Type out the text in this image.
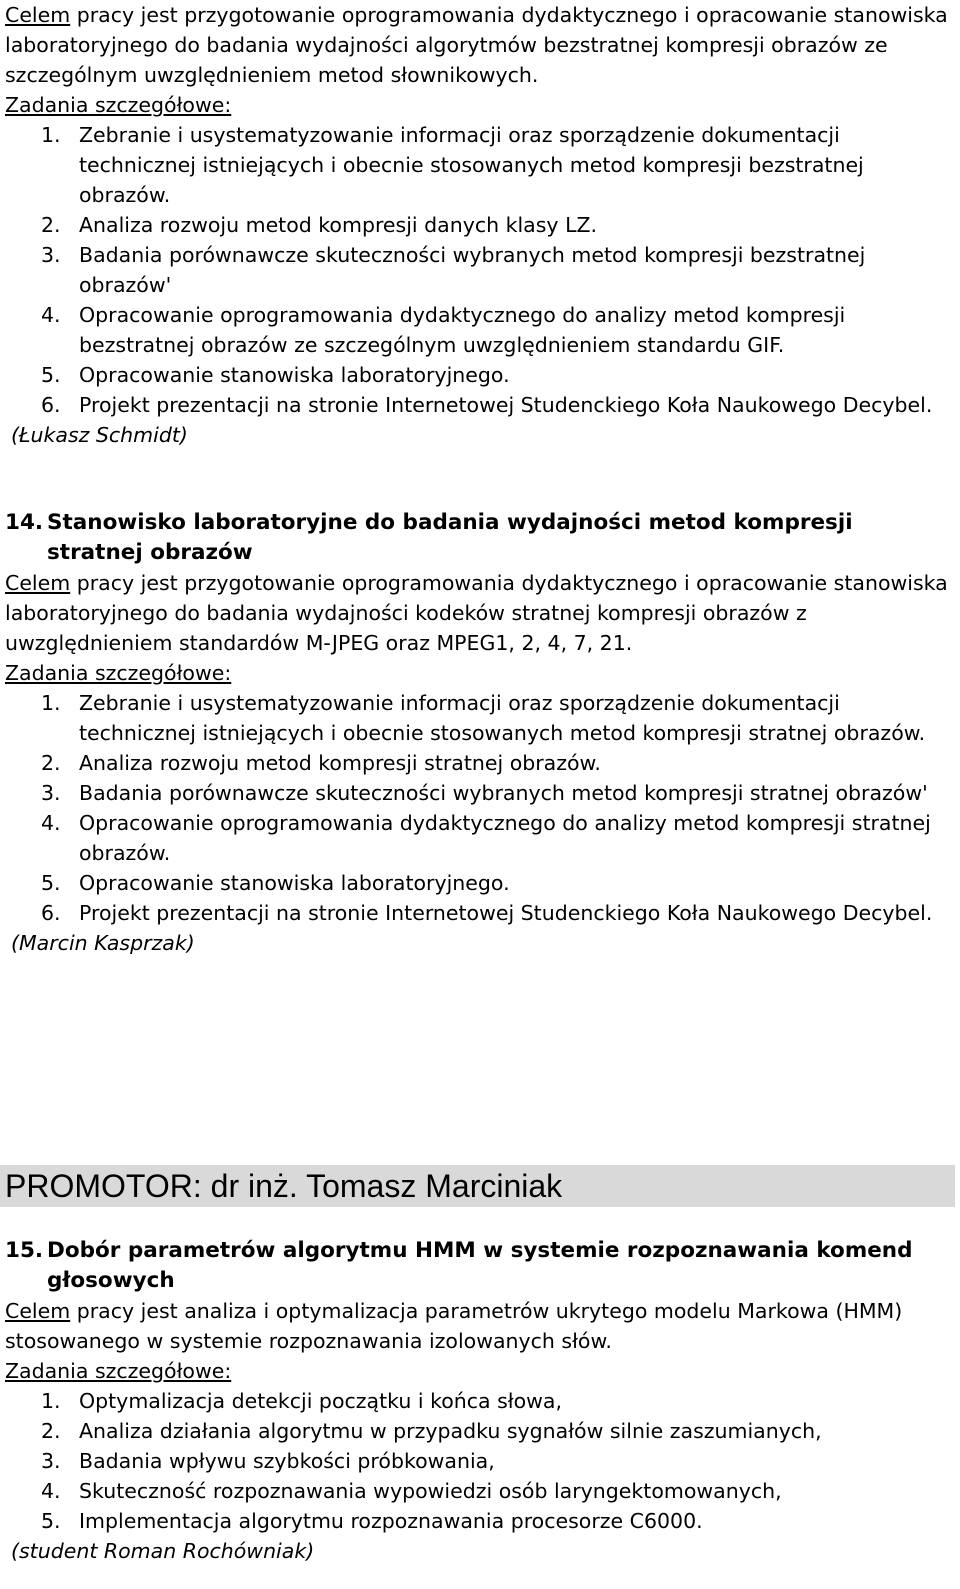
Celem pracy jest przygotowanie oprogramowania dydaktycznego i opracowanie stanowiska laboratoryjnego do badania wydajności algorytmów bezstratnej kompresji obrazów ze szczególnym uwzględnieniem metod słownikowych.

Zadania szczegółowe:
1. Zebranie i usystematyzowanie informacji oraz sporządzenie dokumentacji technicznej istniejących i obecnie stosowanych metod kompresji bezstratnej obrazów.
2. Analiza rozwoju metod kompresji danych klasy LZ.
3. Badania porównawcze skuteczności wybranych metod kompresji bezstratnej obrazów'
4. Opracowanie oprogramowania dydaktycznego do analizy metod kompresji bezstratnej obrazów ze szczególnym uwzględnieniem standardu GIF.
5. Opracowanie stanowiska laboratoryjnego.
6. Projekt prezentacji na stronie Internetowej Studenckiego Koła Naukowego Decybel.
(Łukasz Schmidt)
14. Stanowisko laboratoryjne do badania wydajności metod kompresji stratnej obrazów

Celem pracy jest przygotowanie oprogramowania dydaktycznego i opracowanie stanowiska laboratoryjnego do badania wydajności kodeków stratnej kompresji obrazów z uwzględnieniem standardów M-JPEG oraz MPEG1, 2, 4, 7, 21.

Zadania szczegółowe:
1. Zebranie i usystematyzowanie informacji oraz sporządzenie dokumentacji technicznej istniejących i obecnie stosowanych metod kompresji stratnej obrazów.
2. Analiza rozwoju metod kompresji stratnej obrazów.
3. Badania porównawcze skuteczności wybranych metod kompresji stratnej obrazów'
4. Opracowanie oprogramowania dydaktycznego do analizy metod kompresji stratnej obrazów.
5. Opracowanie stanowiska laboratoryjnego.
6. Projekt prezentacji na stronie Internetowej Studenckiego Koła Naukowego Decybel.
(Marcin Kasprzak)
PROMOTOR: dr inż. Tomasz Marciniak
15. Dobór parametrów algorytmu HMM w systemie rozpoznawania komend głosowych

Celem pracy jest analiza i optymalizacja parametrów ukrytego modelu Markowa (HMM) stosowanego w systemie rozpoznawania izolowanych słów.

Zadania szczegółowe:
1. Optymalizacja detekcji początku i końca słowa,
2. Analiza działania algorytmu w przypadku sygnałów silnie zaszumianych,
3. Badania wpływu szybkości próbkowania,
4. Skuteczność rozpoznawania wypowiedzi osób laryngektomowanych,
5. Implementacja algorytmu rozpoznawania procesorze C6000.
(student Roman Rochówniak)
